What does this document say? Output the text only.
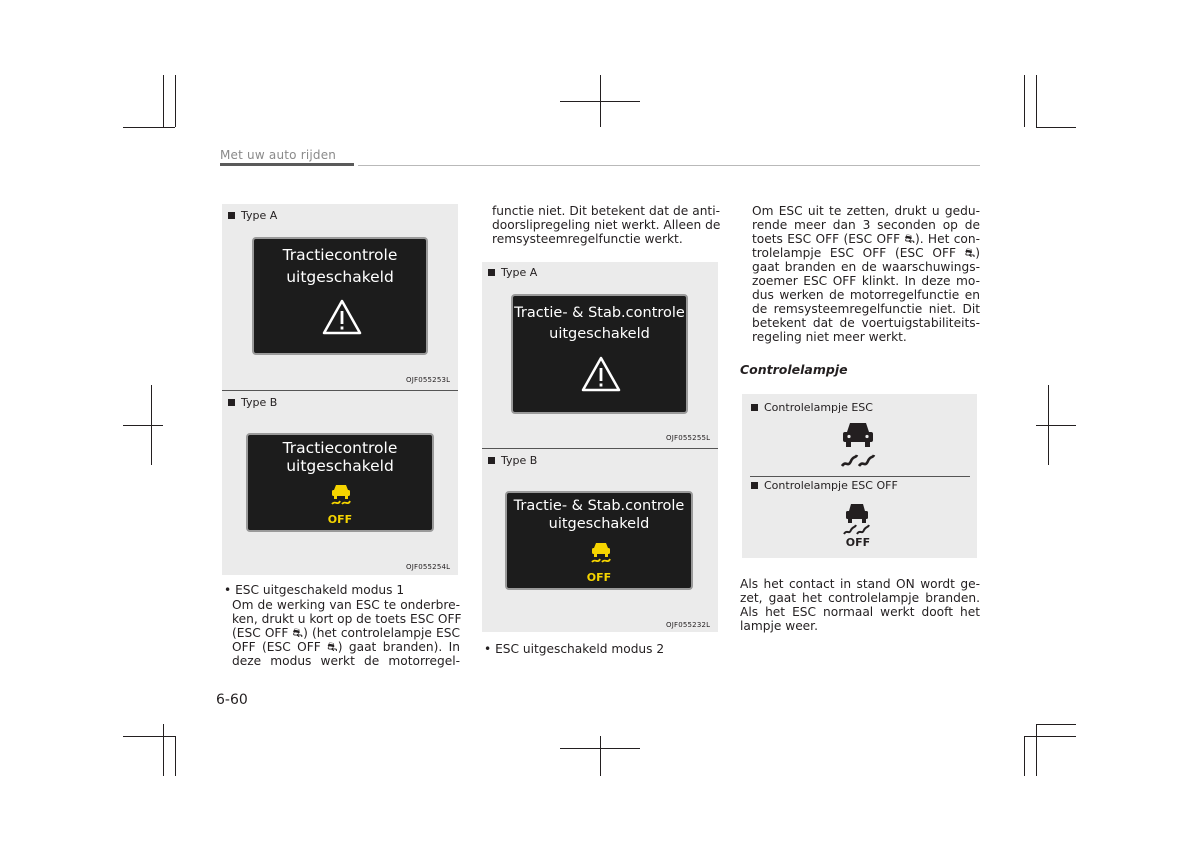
Met uw auto rijden
Type A
Tractiecontrole
uitgeschakeld
OJF055253L
Type B
Tractiecontrole
uitgeschakeld
OFF
OJF055254L
• ESC uitgeschakeld modus 1
Om de werking van ESC te onderbre-
ken, drukt u kort op de toets ESC OFF
(ESC OFF ⛐) (het controlelampje ESC
OFF (ESC OFF ⛐) gaat branden). In
deze modus werkt de motorregel-
functie niet. Dit betekent dat de anti-
doorslipregeling niet werkt. Alleen de
remsysteemregelfunctie werkt.
Type A
Tractie- & Stab.controle
uitgeschakeld
OJF055255L
Type B
Tractie- & Stab.controle
uitgeschakeld
OFF
OJF055232L
• ESC uitgeschakeld modus 2
Om ESC uit te zetten, drukt u gedu-
rende meer dan 3 seconden op de
toets ESC OFF (ESC OFF ⛐). Het con-
trolelampje ESC OFF (ESC OFF ⛐)
gaat branden en de waarschuwings-
zoemer ESC OFF klinkt. In deze mo-
dus werken de motorregelfunctie en
de remsysteemregelfunctie niet. Dit
betekent dat de voertuigstabiliteits-
regeling niet meer werkt.
Controlelampje
Controlelampje ESC
Controlelampje ESC OFF
OFF
Als het contact in stand ON wordt ge-
zet, gaat het controlelampje branden.
Als het ESC normaal werkt dooft het
lampje weer.
6-60
